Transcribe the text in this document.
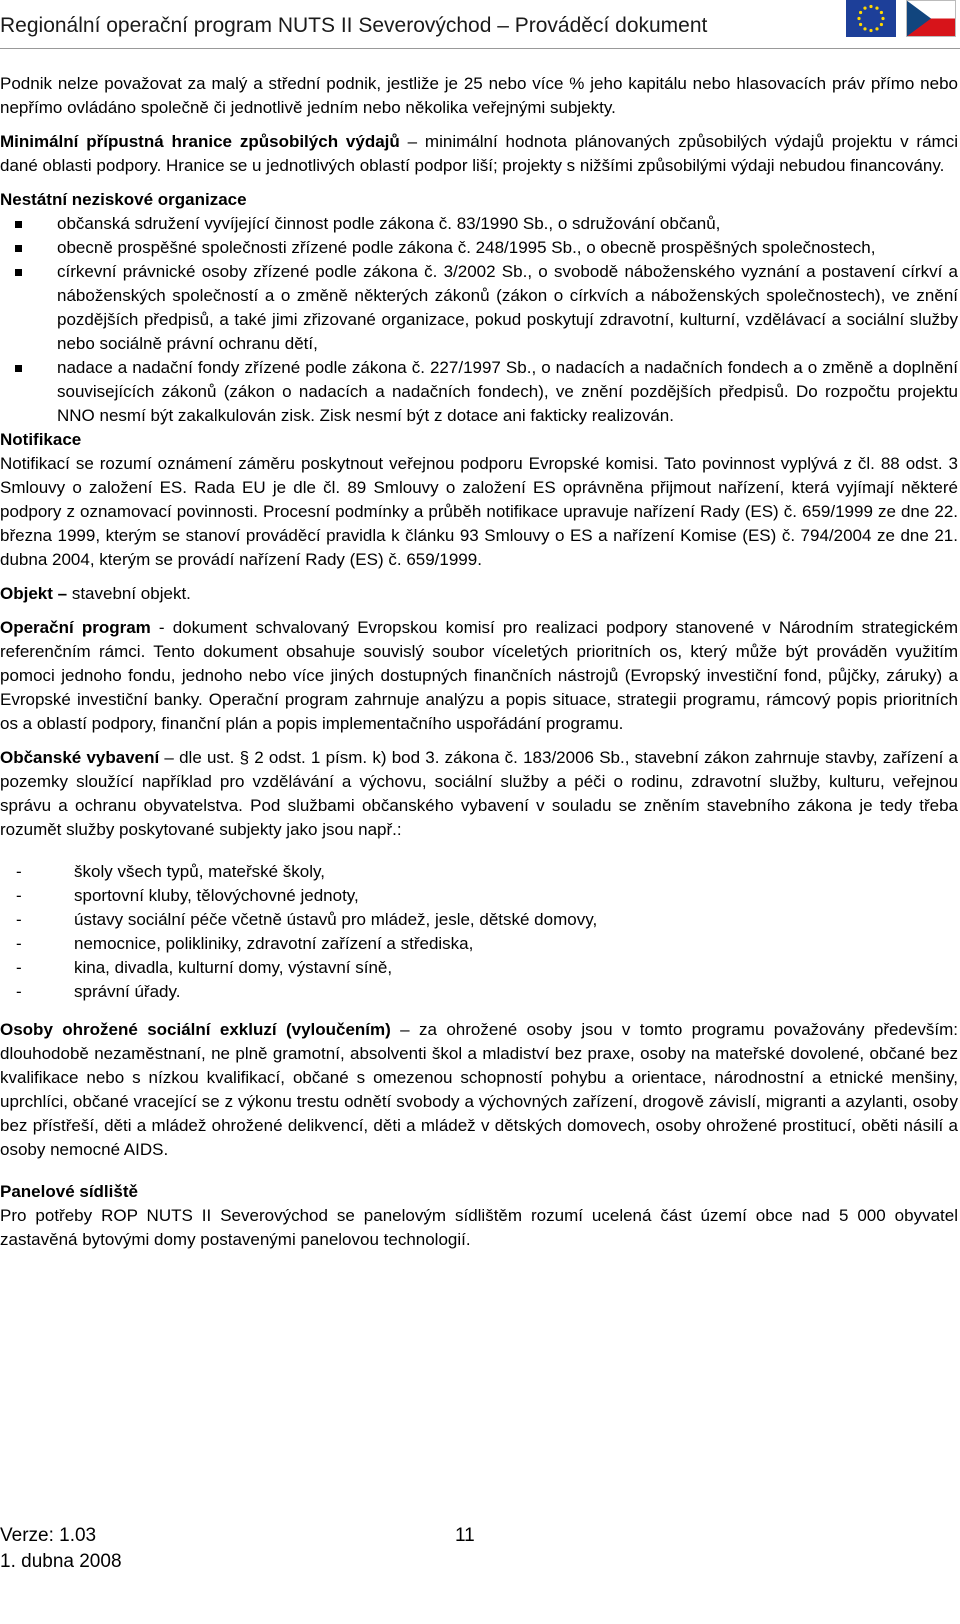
Regionální operační program NUTS II Severovýchod – Prováděcí dokument

Podnik nelze považovat za malý a střední podnik, jestliže je 25 nebo více % jeho kapitálu nebo hlasovacích práv přímo nebo nepřímo ovládáno společně či jednotlivě jedním nebo několika veřejnými subjekty.

Minimální přípustná hranice způsobilých výdajů – minimální hodnota plánovaných způsobilých výdajů projektu v rámci dané oblasti podpory. Hranice se u jednotlivých oblastí podpor liší; projekty s nižšími způsobilými výdaji nebudou financovány.

Nestátní neziskové organizace

občanská sdružení vyvíjející činnost podle zákona č. 83/1990 Sb., o sdružování občanů,
obecně prospěšné společnosti zřízené podle zákona č. 248/1995 Sb., o obecně prospěšných společnostech,
církevní právnické osoby zřízené podle zákona č. 3/2002 Sb., o svobodě náboženského vyznání a postavení církví a náboženských společností a o změně některých zákonů (zákon o církvích a náboženských společnostech), ve znění pozdějších předpisů, a také jimi zřizované organizace, pokud poskytují zdravotní, kulturní, vzdělávací a sociální služby nebo sociálně právní ochranu dětí,
nadace a nadační fondy zřízené podle zákona č. 227/1997 Sb., o nadacích a nadačních fondech a o změně a doplnění souvisejících zákonů (zákon o nadacích a nadačních fondech), ve znění pozdějších předpisů. Do rozpočtu projektu NNO nesmí být zakalkulován zisk. Zisk nesmí být z dotace ani fakticky realizován.

Notifikace

Notifikací se rozumí oznámení záměru poskytnout veřejnou podporu Evropské komisi. Tato povinnost vyplývá z čl. 88 odst. 3 Smlouvy o založení ES. Rada EU je dle čl. 89 Smlouvy o založení ES oprávněna přijmout nařízení, která vyjímají některé podpory z oznamovací povinnosti. Procesní podmínky a průběh notifikace upravuje nařízení Rady (ES) č. 659/1999 ze dne 22. března 1999, kterým se stanoví prováděcí pravidla k článku 93 Smlouvy o ES a nařízení Komise (ES) č. 794/2004 ze dne 21. dubna 2004, kterým se provádí nařízení Rady (ES) č. 659/1999.

Objekt – stavební objekt.

Operační program - dokument schvalovaný Evropskou komisí pro realizaci podpory stanovené v Národním strategickém referenčním rámci. Tento dokument obsahuje souvislý soubor víceletých prioritních os, který může být prováděn využitím pomoci jednoho fondu, jednoho nebo více jiných dostupných finančních nástrojů (Evropský investiční fond, půjčky, záruky) a Evropské investiční banky. Operační program zahrnuje analýzu a popis situace, strategii programu, rámcový popis prioritních os a oblastí podpory, finanční plán a popis implementačního uspořádání programu.

Občanské vybavení – dle ust. § 2 odst. 1 písm. k) bod 3. zákona č. 183/2006 Sb., stavební zákon zahrnuje stavby, zařízení a pozemky sloužící například pro vzdělávání a výchovu, sociální služby a péči o rodinu, zdravotní služby, kulturu, veřejnou správu a ochranu obyvatelstva. Pod službami občanského vybavení v souladu se zněním stavebního zákona je tedy třeba rozumět služby poskytované subjekty jako jsou např.:

-	školy všech typů, mateřské školy,
-	sportovní kluby, tělovýchovné jednoty,
-	ústavy sociální péče včetně ústavů pro mládež, jesle, dětské domovy,
-	nemocnice, polikliniky, zdravotní zařízení a střediska,
-	kina, divadla, kulturní domy, výstavní síně,
-	správní úřady.

Osoby ohrožené sociální exkluzí (vyloučením) – za ohrožené osoby jsou v tomto programu považovány především: dlouhodobě nezaměstnaní, ne plně gramotní, absolventi škol a mladiství bez praxe, osoby na mateřské dovolené, občané bez kvalifikace nebo s nízkou kvalifikací, občané s omezenou schopností pohybu a orientace, národnostní a etnické menšiny, uprchlíci, občané vracející se z výkonu trestu odnětí svobody a výchovných zařízení, drogově závislí, migranti a azylanti, osoby bez přístřeší, děti a mládež ohrožené delikvencí, děti a mládež v dětských domovech, osoby ohrožené prostitucí, oběti násilí a osoby nemocné AIDS.

Panelové sídliště

Pro potřeby ROP NUTS II Severovýchod se panelovým sídlištěm rozumí ucelená část území obce nad 5 000 obyvatel zastavěná bytovými domy postavenými panelovou technologií.

Verze: 1.03	11
1. dubna 2008
